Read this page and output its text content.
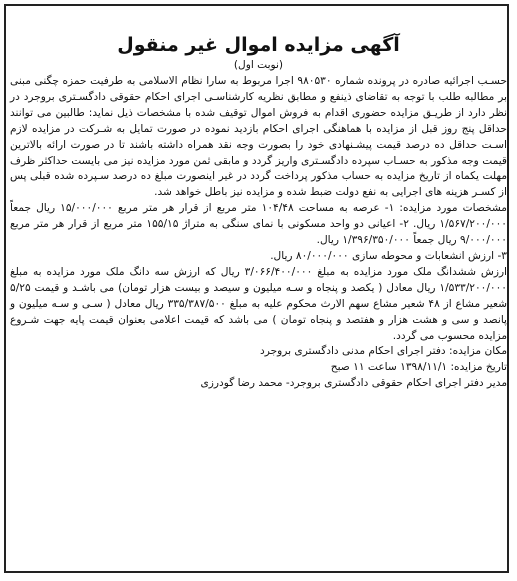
آگهی مزایده اموال غیر منقول
(نوبت اول)

حسـب اجرائیه صادره در پرونده شماره ۹۸۰۵۳۰ اجرا مربوط به سارا نظام الاسلامی به طرفیت حمزه چگنی مبنی بر مطالبه طلب با توجه به تقاضای ذینفع و مطابق نظریه کارشناسـی اجرای احکام حقوقی دادگسـتری بروجرد در نظر دارد از طریـق مزایده حضوری اقدام به فروش اموال توقیف شده با مشخصات ذیل نماید: طالبین می توانند حداقل پنج روز قبل از مزایده با هماهنگی اجرای احکام بازدید نموده در صورت تمایل به شـرکت در مزایده لازم اسـت حداقل ده درصد قیمت پیشـنهادی خود را بصورت وجه نقد همراه داشته باشند تا در صورت ارائه بالاترین قیمت وجه مذکور به حسـاب سپرده دادگسـتری واریز گردد و مابقی ثمن مورد مزایده نیز می بایست حداکثر ظرف مهلت یکماه از تاریخ مزایده به حساب مذکور پرداخت گردد در غیر اینصورت مبلغ ده درصد سـپرده شده قبلی پس از کسـر هزینه های اجرایی به نفع دولت ضبط شده و مزایده نیز باطل خواهد شد.

مشخصات مورد مزایده: ۱- عرصه به مساحت ۱۰۴/۴۸ متر مربع از قرار هر متر مربع ۱۵/۰۰۰/۰۰۰ ریال جمعاً ۱/۵۶۷/۲۰۰/۰۰۰ ریال. ۲- اعیانی دو واحد مسکونی با نمای سنگی به متراژ ۱۵۵/۱۵ متر مربع از قرار هر متر مربع ۹/۰۰۰/۰۰۰ ریال جمعاً ۱/۳۹۶/۳۵۰/۰۰۰ ریال.

۳- ارزش انشعابات و محوطه سازی ۸۰/۰۰۰/۰۰۰ ریال.

ارزش ششدانگ ملک مورد مزایده به مبلغ ۳/۰۶۶/۴۰۰/۰۰۰ ریال که ارزش سه دانگ ملک مورد مزایده به مبلغ ۱/۵۳۳/۲۰۰/۰۰۰ ریال معادل ( یکصد و پنجاه و سـه میلیون و سیصد و بیست هزار تومان) می باشـد و قیمت ۵/۲۵ شعیر مشاع از ۴۸ شعیر مشاع سهم الارث محکوم علیه به مبلغ ۳۳۵/۳۸۷/۵۰۰ ریال معادل ( سـی و سـه میلیون و پانصد و سی و هشت هزار و هفتصد و پنجاه تومان ) می باشد که قیمت اعلامی بعنوان قیمت پایه جهت شـروع مزایده محسوب می گردد.

مکان مزایده: دفتر اجرای احکام مدنی دادگستری بروجرد

تاریخ مزایده: ۱۳۹۸/۱۱/۱ ساعت ۱۱ صبح

مدیر دفتر اجرای احکام حقوقی دادگستری بروجرد- محمد رضا گودرزی
